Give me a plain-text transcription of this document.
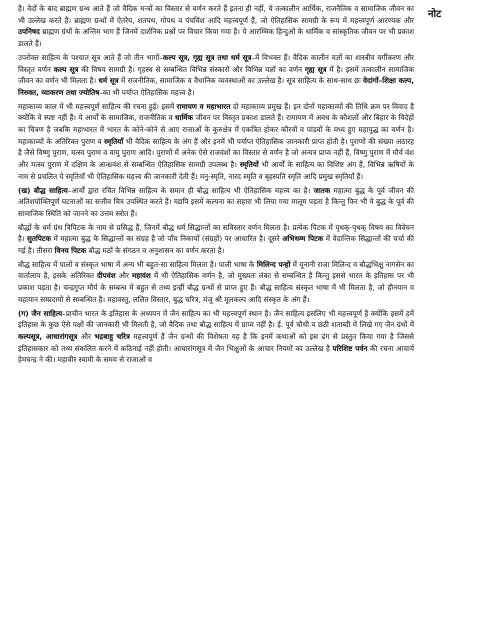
नोट

है। वेदों के बाद ब्राह्मण ग्रन्थ आते हैं जो वैदिक मन्त्रों का विस्तार से वर्णन करते हैं इतना ही नहीं, ये तत्कालीन आर्थिक, राजनैतिक व सामाजिक जीवन का भी उल्लेख करते हैं। ब्राह्मण ग्रन्थों में ऐतरेय, शतपथ, गोपथ व पंचविंश आदि महत्त्वपूर्ण हैं, जो ऐतिहासिक सामग्री के रूप में महत्त्वपूर्ण आरण्यक और उपनिषद ब्राह्मण ग्रंथों के अन्तिम भाग हैं जिनमें दार्शनिक प्रश्नों पर विचार किया गया है। ये आरम्भिक हिन्दुओं के धार्मिक व सांस्कृतिक जीवन पर भी प्रकाश डालते हैं।

उपरोक्त साहित्य के पश्चात सूत्र आते हैं जो तीन भागों–कल्प सूत्र, गृह्य सूत्र तथा धर्म सूत्र–में विभक्त हैं। वैदिक कालीन यज्ञों का शास्त्रीय वर्गीकरण और विस्तृत वर्णन कल्प सूत्र की विषय सामग्री है। गृहस्थ से सम्बन्धित विभिन्न संस्कारों और विभिन्न यज्ञों का वर्णन गृह्य सूत्र में है। इसमें तत्कालीन सामाजिक जीवन का वर्णन भी मिलता है। धर्म सूत्र में राजनीतिक, सामाजिक व वैधानिक व्यवस्थाओं का उल्लेख है। सूत्र साहित्य के साथ-साथ छः वेदांगों–शिक्षा कल्प, निरुक्त, व्याकरण तथा ज्योतिष–का भी पर्याप्त ऐतिहासिक महत्त्व है।

महाकाव्य काल में भी महत्त्वपूर्ण साहित्य की रचना हुई। इसमें रामायण व महाभारत दो महाकाव्य प्रमुख हैं। इन दोनों महाकाव्यों की तिथि क्रम पर विवाद है क्योंकि वे स्पष्ट नहीं हैं। ये आर्यों के सामाजिक, राजनीतिक व धार्मिक जीवन पर विस्तृत प्रकाश डालते हैं। रामायण में अवध के कौशलों और बिहार के विदेहों का चित्रण है जबकि महाभारत में भारत के कोने-कोने से आए राजाओं के कुरुक्षेत्र में एकत्रित होकर कौरवों व पांडवों के मध्य हुए महायुद्ध का वर्णन है। महाकाव्यों के अतिरिक्त पुराण व स्मृतियाँ भी वैदिक साहित्य के अंग हैं और इनमें भी पर्याप्त ऐतिहासिक जानकारी प्राप्त होती है। पुराणों की संख्या अठारह है जैसे विष्णु पुराण, मत्स्य पुराण व वायु पुराण आदि। पुराणों में अनेक ऐसे राजवंशों का विस्तार से वर्णन है जो अन्यत्र प्राप्य नहीं हैं, विष्णु पुराण में मौर्य वंश और मत्स्य पुराण में दक्षिण के आन्ध्रवंश से सम्बन्धित ऐतिहासिक सामग्री उपलब्ध है। स्मृतियों भी आर्यों के साहित्य का विशिष्ट अंग हैं, विभिन्न ऋषियों के नाम से प्रचलित ये स्मृतियाँ भी ऐतिहासिक महत्त्व की जानकारी देती हैं। मनु-स्मृति, नारद स्मृति व बृहस्पति स्मृति आदि प्रमुख स्मृतियाँ हैं।

(ख) बौद्ध साहित्य–आर्यों द्वारा रचित विभिन्न साहित्य के समान ही बौद्ध साहित्य भी ऐतिहासिक महत्त्व का है। जातक महात्मा बुद्ध के पूर्व जीवन की अतिशयोक्तिपूर्ण घटनाओं का सजीव चित्र उपस्थित करते हैं। यद्यपि इसमें कल्पना का सहारा भी लिया गया मालूम पड़ता है किन्तु फिर भी ये बुद्ध के पूर्व की सामाजिक स्थिति को जानने का उत्तम स्त्रोत हैं।

बौद्धों के धर्म ग्रंथ त्रिपिटक के नाम से प्रसिद्ध हैं, जिनमें बौद्ध धर्म सिद्धान्तों का सविस्तार वर्णन मिलता है। प्रत्येक पिटक में पृथक्-पृथक् विषय का विवेचन है। सुतपिटक में महात्मा बुद्ध के सिद्धान्तों का संग्रह है जो पाँच निकायों (संग्रहों) पर आधारित है। दूसरे अभिधम्म पिटक में वेदान्तिक सिद्धान्तों की चर्चा की गई है। तीसरा विनय पिटक बौद्ध मठों के संगठन व अनुशासन का वर्णन करता है।

बौद्ध साहित्य में पालों व संस्कृत भाषा में अन्य भी बहुत-सा साहित्य मिलता है। पाली भाषा के मिलिन्द पन्हों में यूनानी राजा मिलिन्द व बौद्धभिक्षु नागसेन का वार्तालाप है, इसके अतिरिक्त दीपवंश और महावंश में भी ऐतिहासिक वर्णन है, जो मुख्यतः लंका से सम्बन्धित है किन्तु इससे भारत के इतिहास पर भी प्रकाश पड़ता है। चन्द्रगुप्त मौर्य के सम्बन्ध में बहुत से तथ्य इन्हीं बौद्ध ग्रन्थों से प्राप्त हुए हैं। बौद्ध साहित्य संस्कृत भाषा में भी मिलता है, जो हीनयान व महायान सम्प्रदायों से सम्बन्धित है। महावस्तु, ललित विस्तार, बुद्ध चरित्र, मंजु श्री मूलकल्प आदि संस्कृत के अंग हैं।

(ग) जैन साहित्य–प्राचीन भारत के इतिहास के अध्ययन में जैन साहित्य का भी महत्त्वपूर्ण स्थान है। जैन साहित्य इसलिए भी महत्त्वपूर्ण है क्योंकि इसमें हमें इतिहास के कुछ ऐसे पक्षों की जानकारी भी मिलती है, जो वैदिक तथा बौद्ध साहित्य में प्राप्य नहीं है। ई. पूर्व चौथी व छठी शताब्दी में लिखे गए जैन ग्रंथों में कल्पसूत्र, आचारांगसूत्र और भद्रबाहु चरित्र महत्त्वपूर्ण हैं जैन ग्रन्थों की विशेषता यह है कि इनमें कथाओं को इस ढंग से प्रस्तुत किया गया है जिससे इतिहासकार को तथ्य संकलित करने में कठिनाई नहीं होती। आचारांगसूत्र में जैन भिक्षुओं के आचार नियमों का उल्लेख है परिशिष्ट पर्वन की रचना आचार्य हेमचन्द्र ने की। महावीर स्वामी के समय से राजाओं व
